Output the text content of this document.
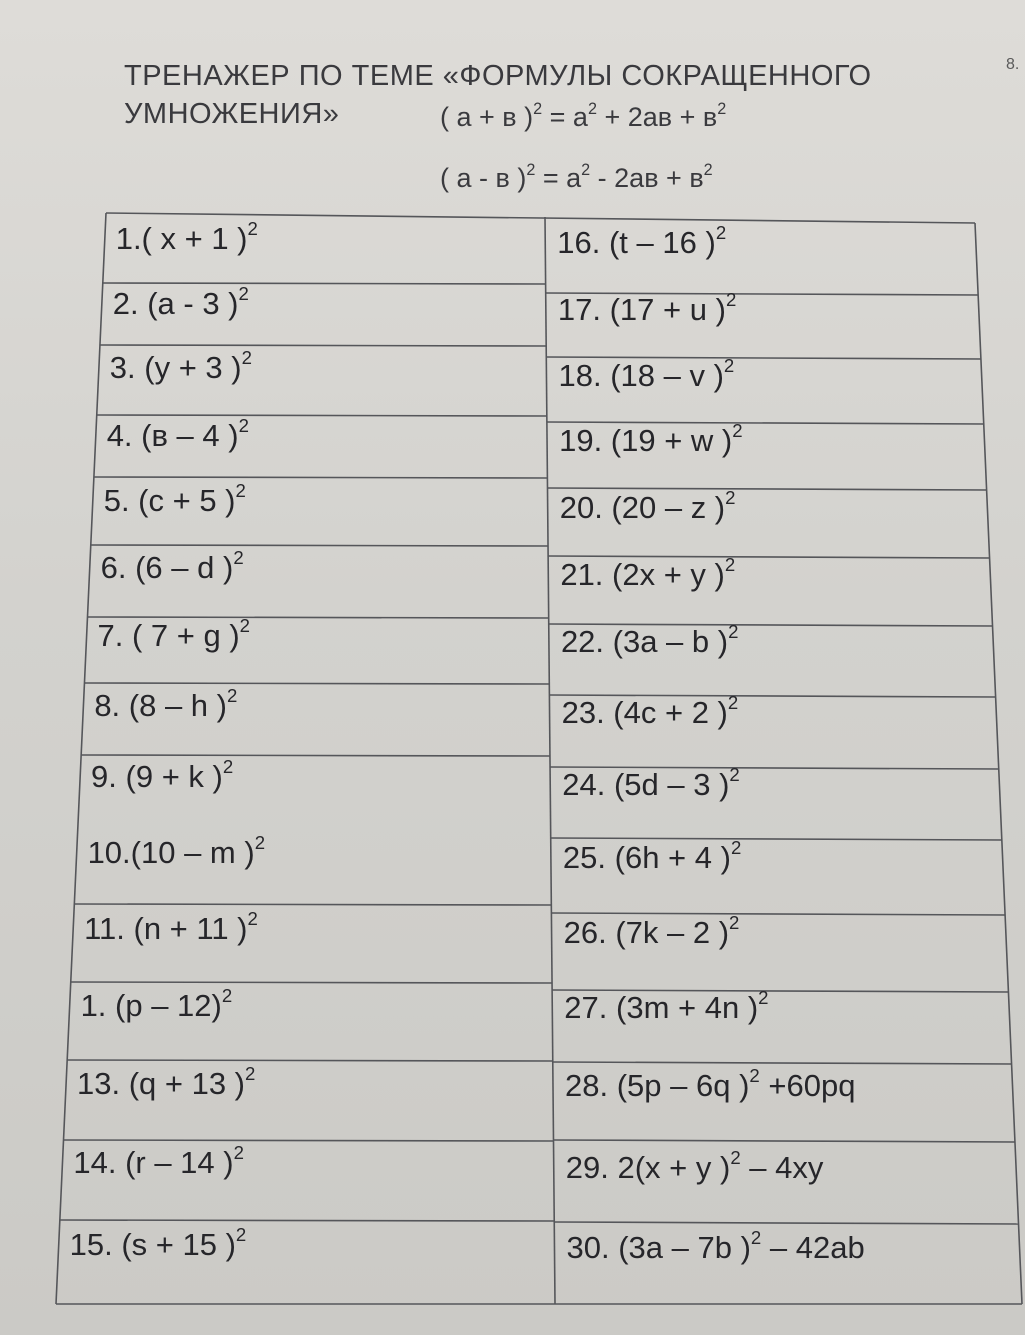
8.
ТРЕНАЖЕР ПО ТЕМЕ «ФОРМУЛЫ СОКРАЩЕННОГО
УМНОЖЕНИЯ»	( а + в )$^2 = а^2 + 2ав + в^2$
( а - в )$^2 = а^2 - 2ав + в^2$
1.( x + 1 )$^2$
2. (a - 3 )$^2$
3. (y + 3 )$^2$
4. (в – 4 )$^2$
5. (c + 5 )$^2$
6. (6 – d )$^2$
7. ( 7 + g )$^2$
8. (8 – h )$^2$
9. (9 + k )$^2$
10.(10 – m )$^2$
11. (n + 11 )$^2$
1. (p – 12)$^2$
13. (q + 13 )$^2$
14. (r – 14 )$^2$
15. (s + 15 )$^2$
16. (t – 16 )$^2$
17. (17 + u )$^2$
18. (18 – v )$^2$
19. (19 + w )$^2$
20. (20 – z )$^2$
21. (2x + y )$^2$
22. (3a – b )$^2$
23. (4c + 2 )$^2$
24. (5d – 3 )$^2$
25. (6h + 4 )$^2$
26. (7k – 2 )$^2$
27. (3m + 4n )$^2$
28. (5p – 6q )$^2$ +60pq
29. 2(x + y )$^2$ – 4xy
30. (3a – 7b )$^2$ – 42ab
